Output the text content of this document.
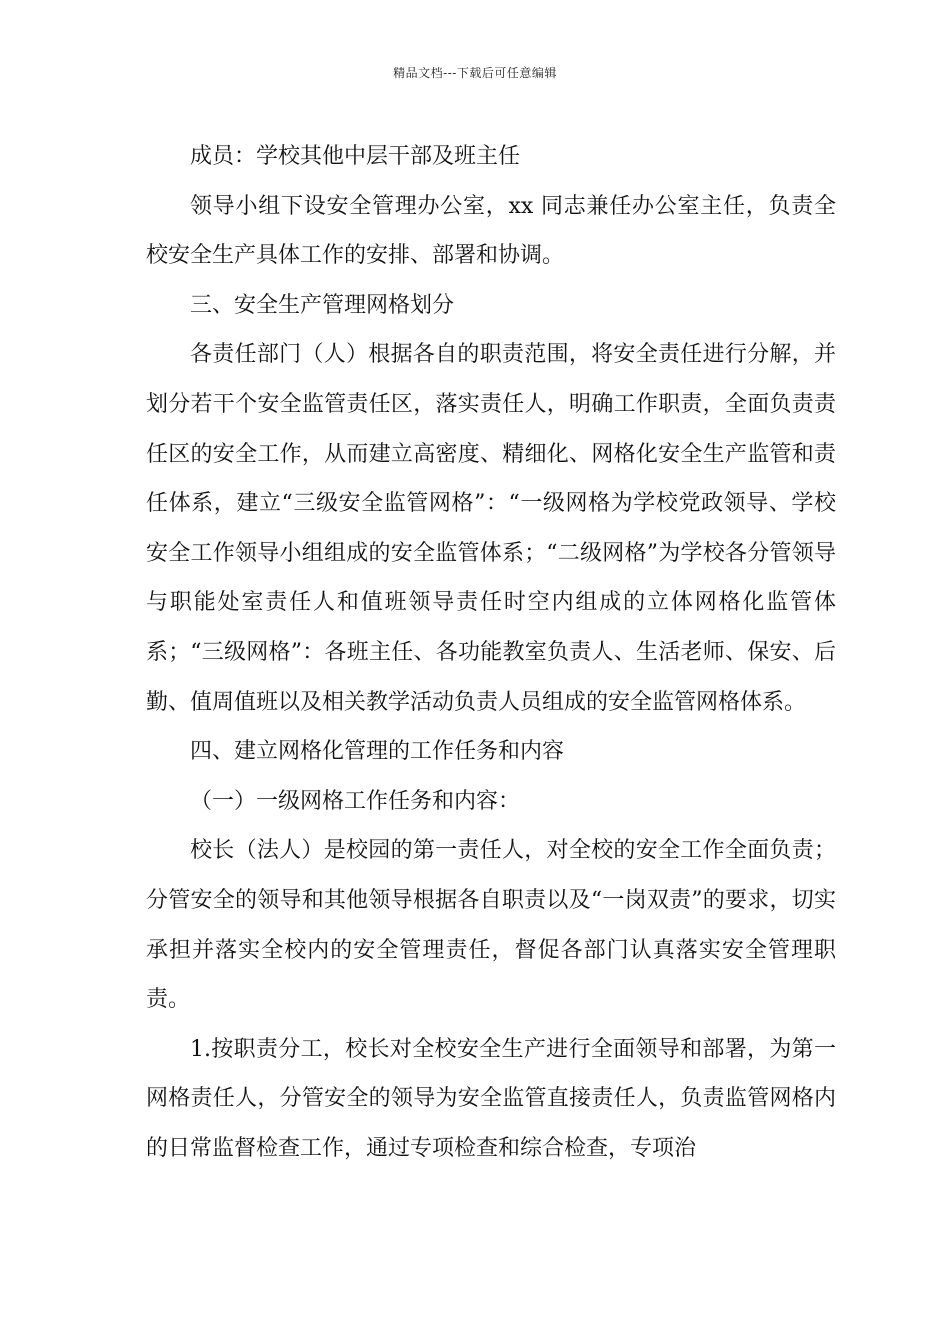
精品文档---下载后可任意编辑

成员：学校其他中层干部及班主任

领导小组下设安全管理办公室，xx 同志兼任办公室主任，负责全校安全生产具体工作的安排、部署和协调。

三、安全生产管理网格划分

各责任部门（人）根据各自的职责范围，将安全责任进行分解，并划分若干个安全监管责任区，落实责任人，明确工作职责，全面负责责任区的安全工作，从而建立高密度、精细化、网格化安全生产监管和责任体系，建立“三级安全监管网格”：“一级网格为学校党政领导、学校安全工作领导小组组成的安全监管体系；“二级网格”为学校各分管领导与职能处室责任人和值班领导责任时空内组成的立体网格化监管体系；“三级网格”：各班主任、各功能教室负责人、生活老师、保安、后勤、值周值班以及相关教学活动负责人员组成的安全监管网格体系。

四、建立网格化管理的工作任务和内容

（一）一级网格工作任务和内容：

校长（法人）是校园的第一责任人，对全校的安全工作全面负责；分管安全的领导和其他领导根据各自职责以及“一岗双责”的要求，切实承担并落实全校内的安全管理责任，督促各部门认真落实安全管理职责。

1.按职责分工，校长对全校安全生产进行全面领导和部署，为第一网格责任人，分管安全的领导为安全监管直接责任人，负责监管网格内的日常监督检查工作，通过专项检查和综合检查，专项治
